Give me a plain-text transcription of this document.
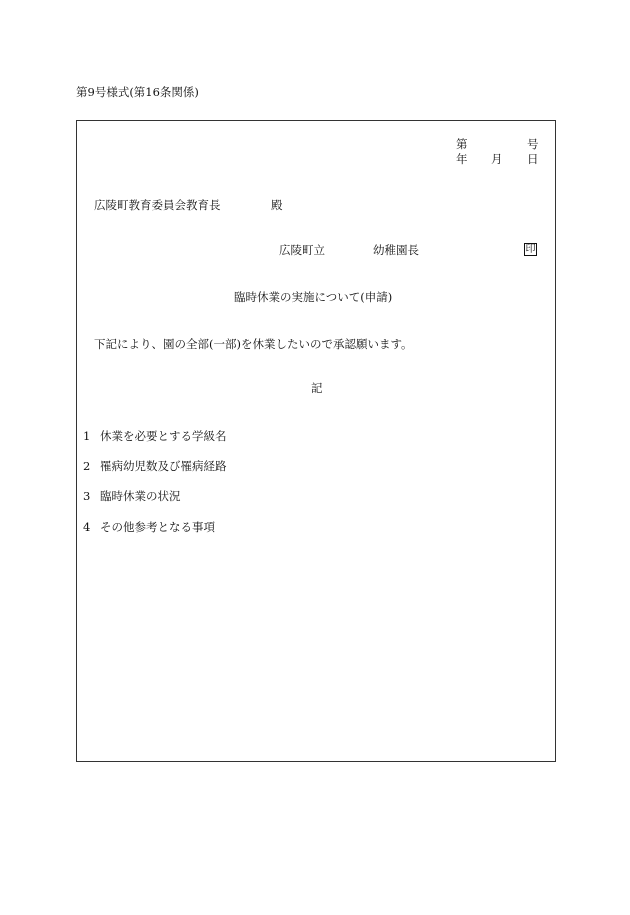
第9号様式(第16条関係)
第	号
年 月 日
広陵町教育委員会教育長	殿
広陵町立	幼稚園長	印
臨時休業の実施について(申請)
下記により、園の全部(一部)を休業したいので承認願います。
記
1 休業を必要とする学級名
2 罹病幼児数及び罹病経路
3 臨時休業の状況
4 その他参考となる事項
